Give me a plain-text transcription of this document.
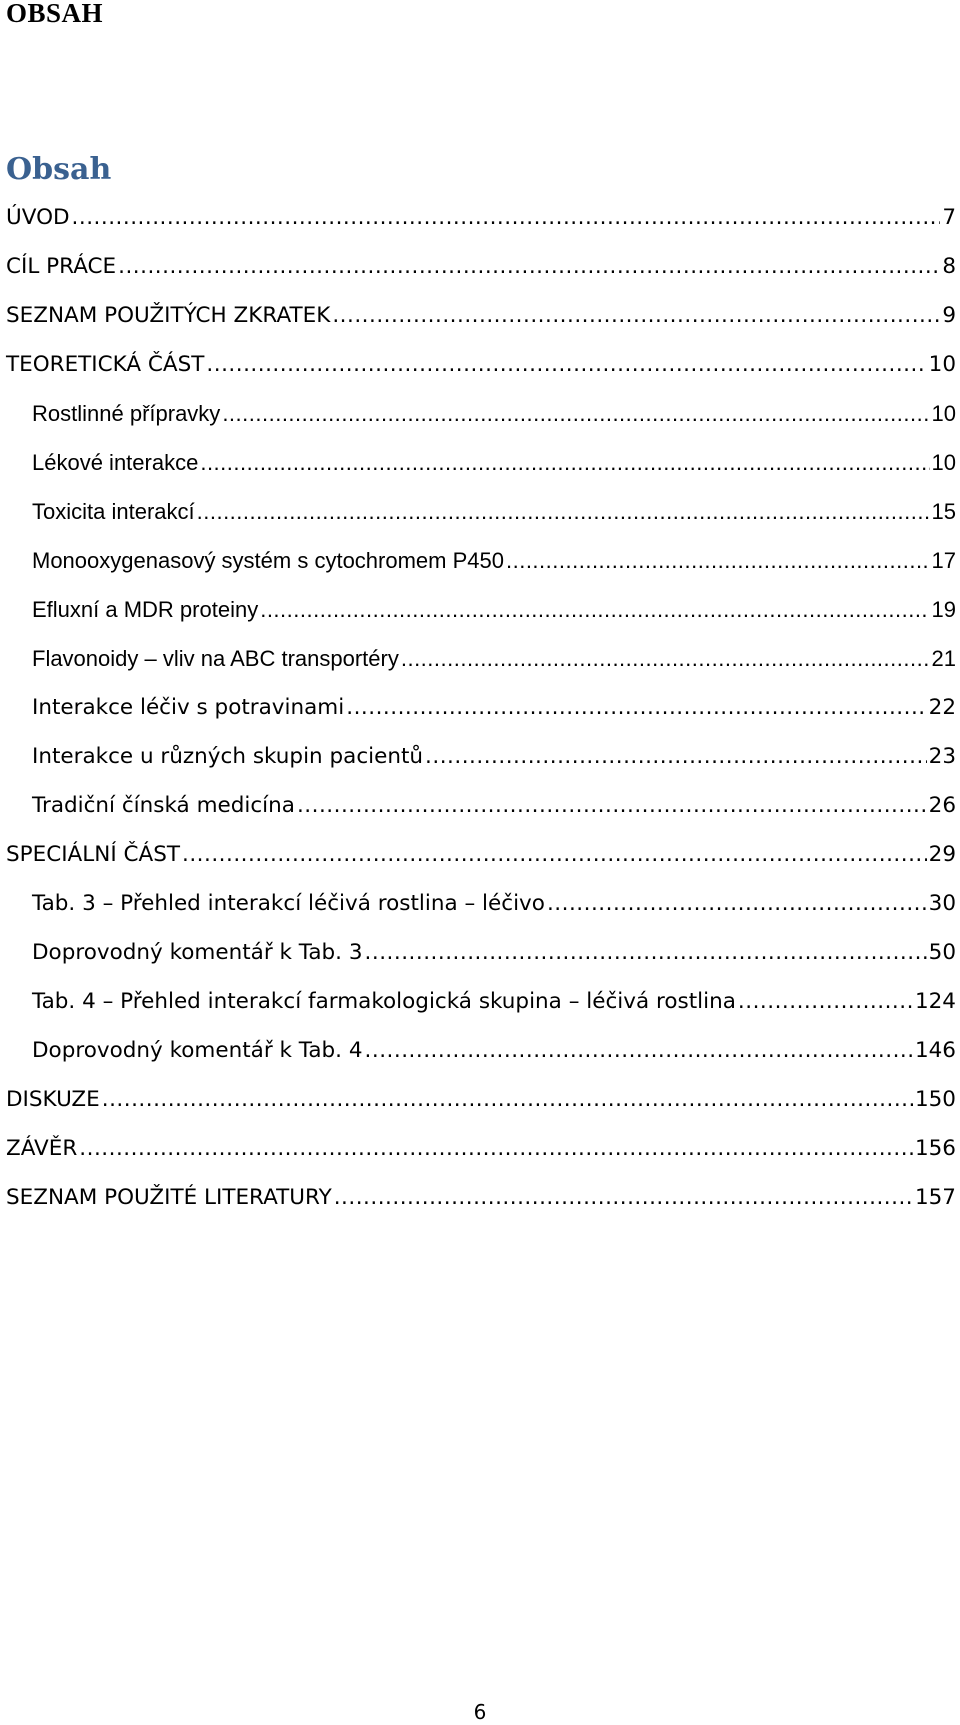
OBSAH
Obsah
ÚVOD .....	7
CÍL PRÁCE .....	8
SEZNAM POUŽITÝCH ZKRATEK .....	9
TEORETICKÁ ČÁST .....	10
Rostlinné přípravky .....	10
Lékové interakce .....	10
Toxicita interakcí .....	15
Monooxygenasový systém s cytochromem P450 .....	17
Efluxní a MDR proteiny .....	19
Flavonoidy – vliv na ABC transportéry .....	21
Interakce léčiv s potravinami .....	22
Interakce u různých skupin pacientů .....	23
Tradiční čínská medicína .....	26
SPECIÁLNÍ ČÁST .....	29
Tab. 3 – Přehled interakcí léčivá rostlina – léčivo .....	30
Doprovodný komentář k Tab. 3 .....	50
Tab. 4 – Přehled interakcí farmakologická skupina – léčivá rostlina .....	124
Doprovodný komentář k Tab. 4 .....	146
DISKUZE .....	150
ZÁVĚR .....	156
SEZNAM POUŽITÉ LITERATURY .....	157
6
